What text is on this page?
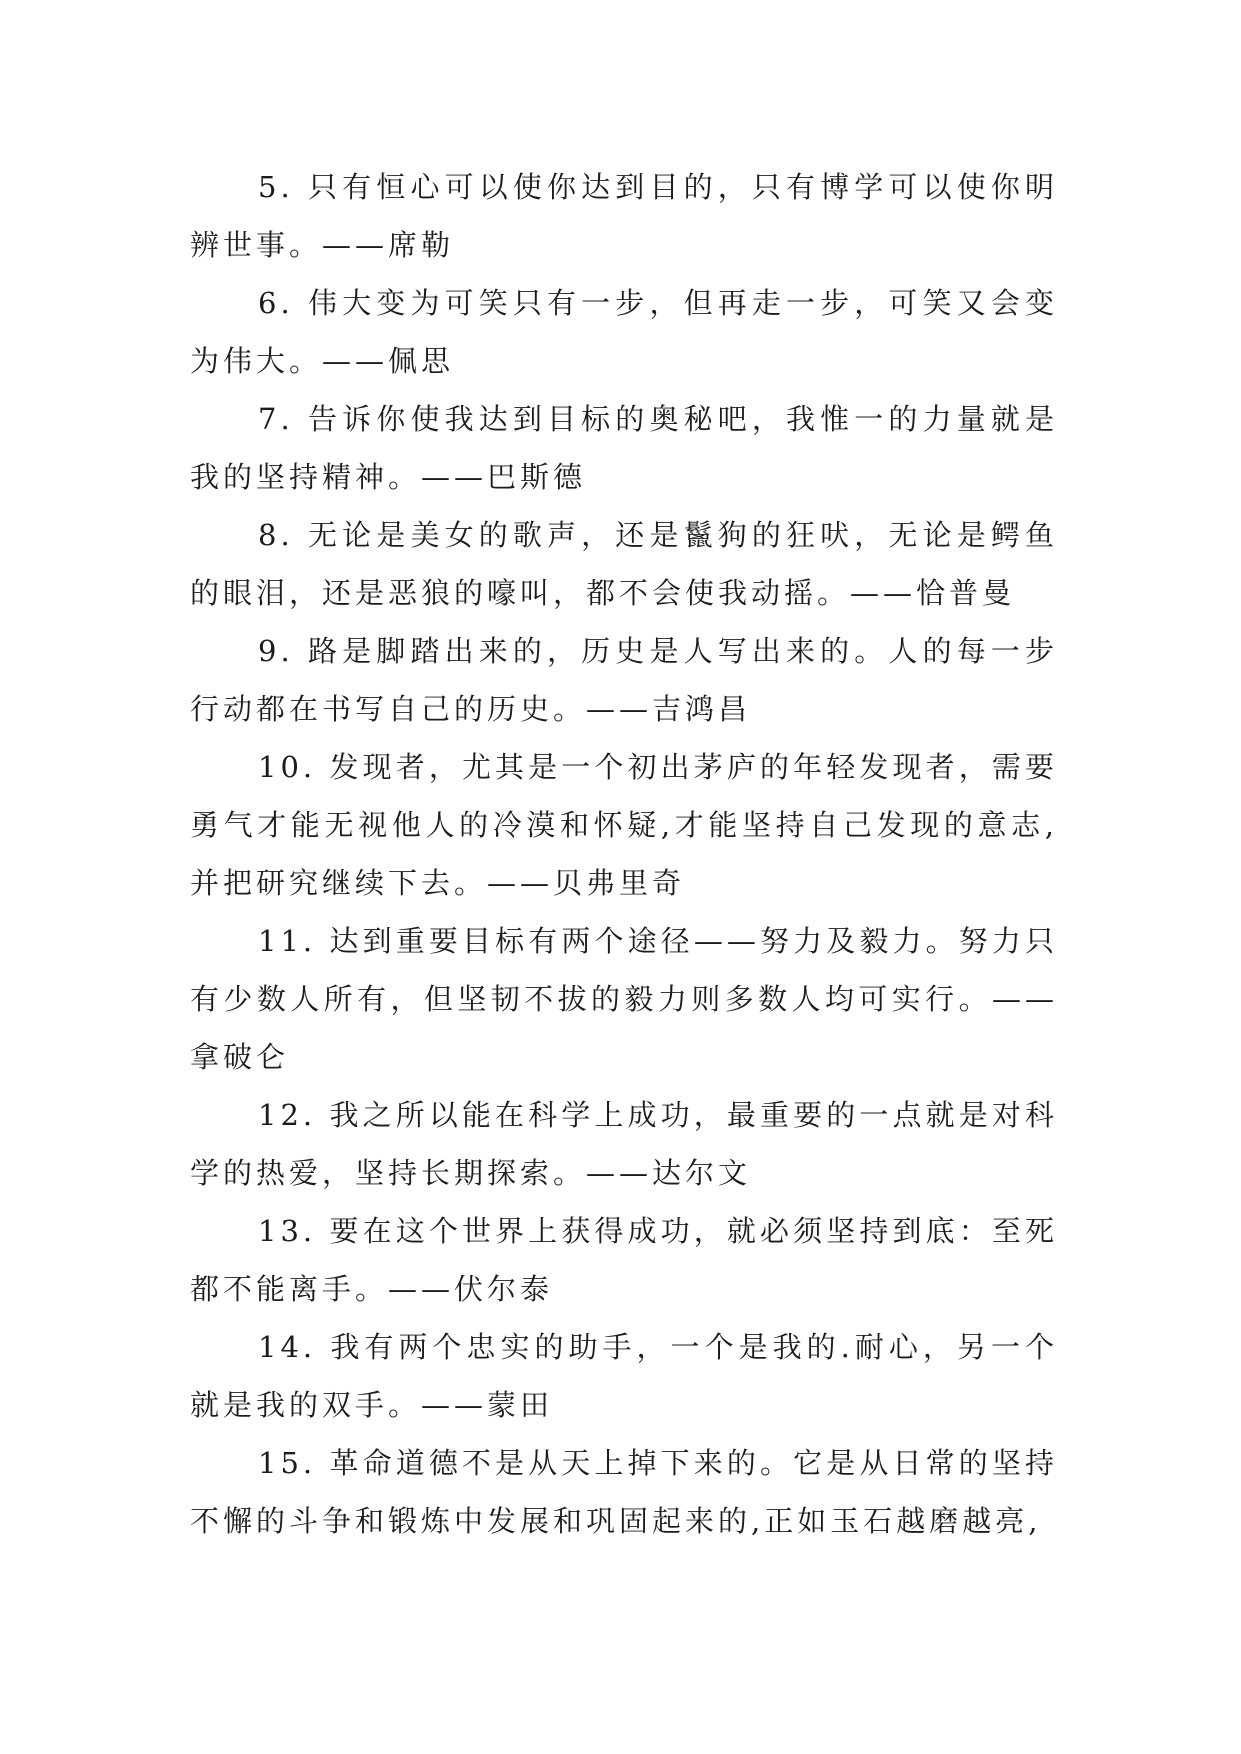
5. 只有恒心可以使你达到目的，只有博学可以使你明辨世事。——席勒

6. 伟大变为可笑只有一步，但再走一步，可笑又会变为伟大。——佩思

7. 告诉你使我达到目标的奥秘吧，我惟一的力量就是我的坚持精神。——巴斯德

8. 无论是美女的歌声，还是鬣狗的狂吠，无论是鳄鱼的眼泪，还是恶狼的嚎叫，都不会使我动摇。——恰普曼

9. 路是脚踏出来的，历史是人写出来的。人的每一步行动都在书写自己的历史。——吉鸿昌

10. 发现者，尤其是一个初出茅庐的年轻发现者，需要勇气才能无视他人的冷漠和怀疑,才能坚持自己发现的意志,并把研究继续下去。——贝弗里奇

11. 达到重要目标有两个途径——努力及毅力。努力只有少数人所有，但坚韧不拔的毅力则多数人均可实行。——拿破仑

12. 我之所以能在科学上成功，最重要的一点就是对科学的热爱，坚持长期探索。——达尔文

13. 要在这个世界上获得成功，就必须坚持到底：至死都不能离手。——伏尔泰

14. 我有两个忠实的助手，一个是我的.耐心，另一个就是我的双手。——蒙田

15. 革命道德不是从天上掉下来的。它是从日常的坚持不懈的斗争和锻炼中发展和巩固起来的,正如玉石越磨越亮,
